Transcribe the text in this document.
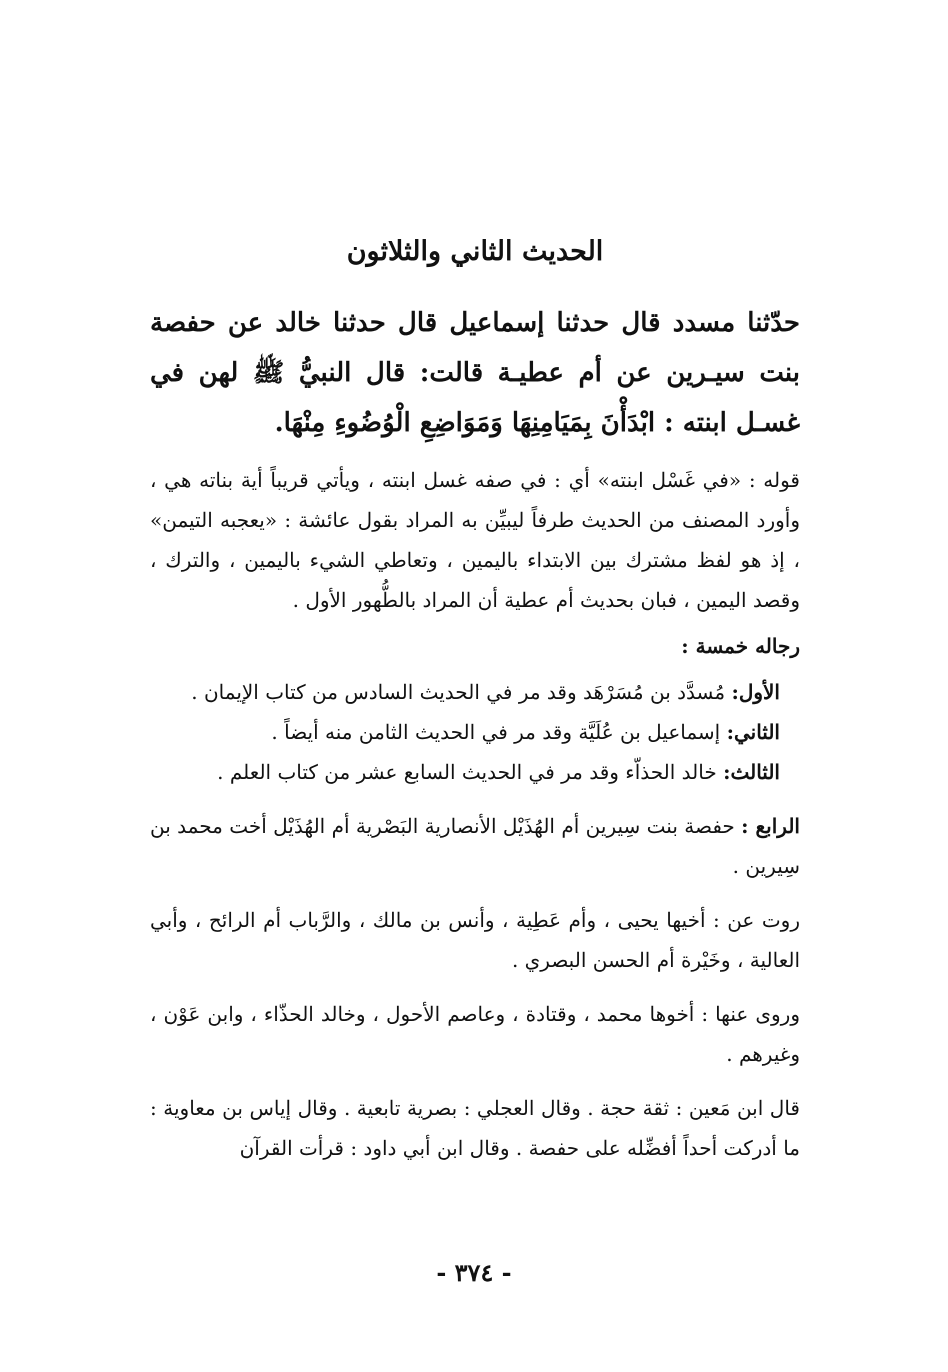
الحديث الثاني والثلاثون

حدّثنا مسدد قال حدثنا إسماعيل قال حدثنا خالد عن حفصة بنت سيـرين عن أم عطيـة قالت: قال النبيُّ ﷺ لهن في غسـل ابنته : ابْدَأْنَ بِمَيَامِنِهَا وَمَوَاضِعِ الْوُضُوءِ مِنْهَا.

قوله : «في غَسْل ابنته» أي : في صفه غسل ابنته ، ويأتي قريباً أية بناته هي ، وأورد المصنف من الحديث طرفاً ليبيِّن به المراد بقول عائشة : «يعجبه التيمن» ، إذ هو لفظ مشترك بين الابتداء باليمين ، وتعاطي الشيء باليمين ، والترك ، وقصد اليمين ، فبان بحديث أم عطية أن المراد بالطُّهور الأول .

رجاله خمسة :

الأول: مُسدَّد بن مُسَرْهَد وقد مر في الحديث السادس من كتاب الإيمان .
الثاني: إسماعيل بن عُلَيَّة وقد مر في الحديث الثامن منه أيضاً .
الثالث: خالد الحذاّء وقد مر في الحديث السابع عشر من كتاب العلم .

الرابع : حفصة بنت سِيرين أم الهُذَيْل الأنصارية البَصْرية أم الهُذَيْل أخت محمد بن سِيرين .

روت عن : أخيها يحيى ، وأم عَطِية ، وأنس بن مالك ، والرَّباب أم الرائح ، وأبي العالية ، وخَيْرة أم الحسن البصري .

وروى عنها : أخوها محمد ، وقتادة ، وعاصم الأحول ، وخالد الحذّاء ، وابن عَوْن ، وغيرهم .

قال ابن مَعين : ثقة حجة . وقال العجلي : بصرية تابعية . وقال إياس بن معاوية : ما أدركت أحداً أفضِّله على حفصة . وقال ابن أبي داود : قرأت القرآن

- ٣٧٤ -
